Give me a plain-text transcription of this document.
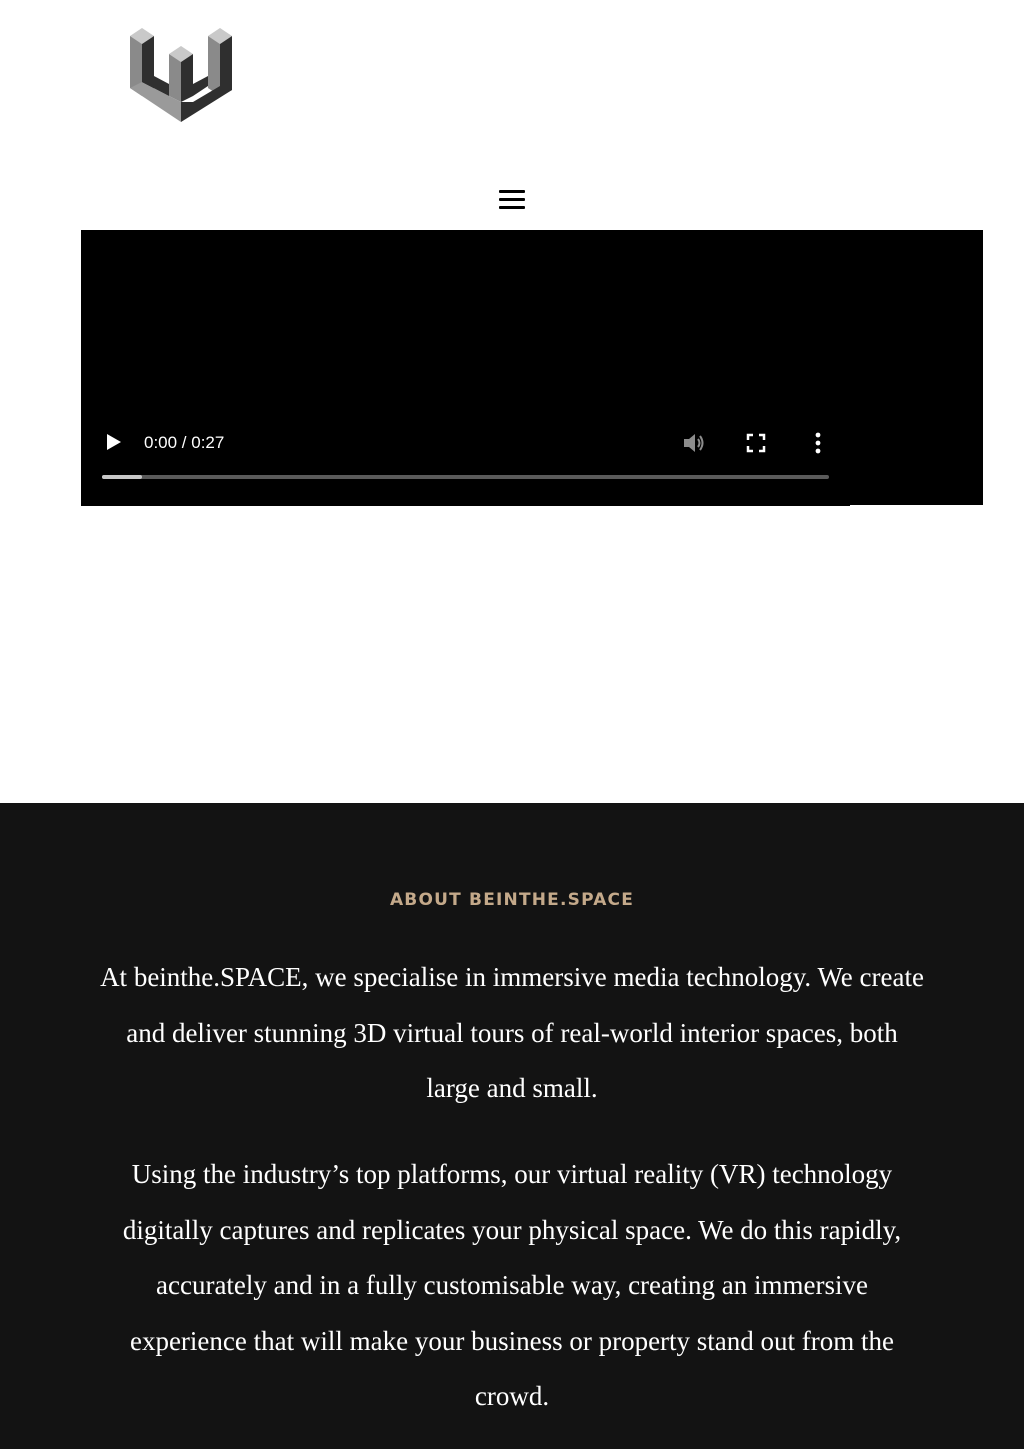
0:00 / 0:27
ABOUT BEINTHE.SPACE

At beinthe.SPACE, we specialise in immersive media technology. We create and deliver stunning 3D virtual tours of real-world interior spaces, both large and small.

Using the industry’s top platforms, our virtual reality (VR) technology digitally captures and replicates your physical space. We do this rapidly, accurately and in a fully customisable way, creating an immersive experience that will make your business or property stand out from the crowd.
